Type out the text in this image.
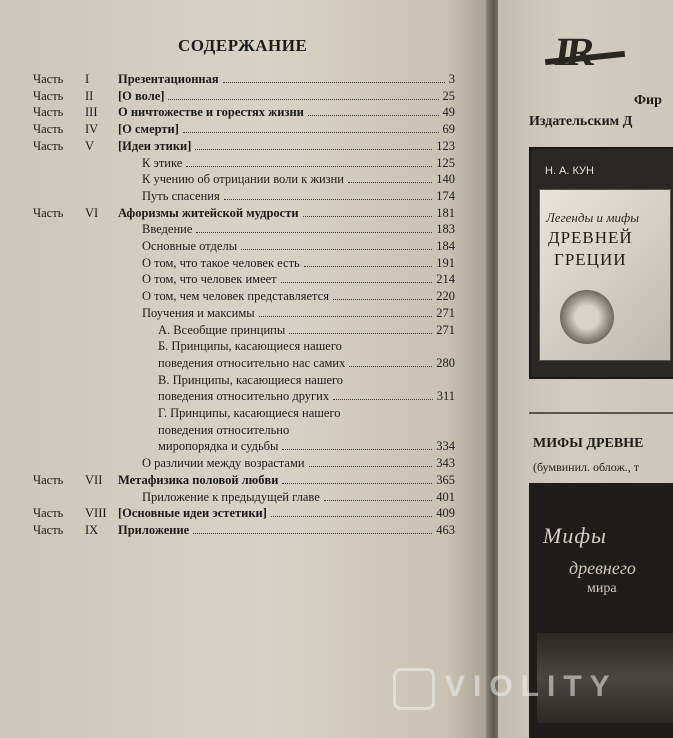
СОДЕРЖАНИЕ
Часть I Презентационная	3
Часть II [О воле]	25
Часть III О ничтожестве и горестях жизни	49
Часть IV [О смерти]	69
Часть V [Идеи этики]	123
К этике	125
К учению об отрицании воли к жизни	140
Путь спасения	174
Часть VI Афоризмы житейской мудрости	181
Введение	183
Основные отделы	184
О том, что такое человек есть	191
О том, что человек имеет	214
О том, чем человек представляется	220
Поучения и максимы	271
А. Всеобщие принципы	271
Б. Принципы, касающиеся нашего
поведения относительно нас самих	280
В. Принципы, касающиеся нашего
поведения относительно других	311
Г. Принципы, касающиеся нашего
поведения относительно
миропорядка и судьбы	334
О различии между возрастами	343
Часть VII Метафизика половой любви	365
Приложение к предыдущей главе	401
Часть VIII [Основные идеи эстетики]	409
Часть IX Приложение	463
IR
Фир
Издательским Д
Н. А. КУН
Легенды и мифы
ДРЕВНЕЙ
ГРЕЦИИ
МИФЫ ДРЕВНЕ
(бумвинил. облож., т
Мифы
древнего
мира
VIOLITY
